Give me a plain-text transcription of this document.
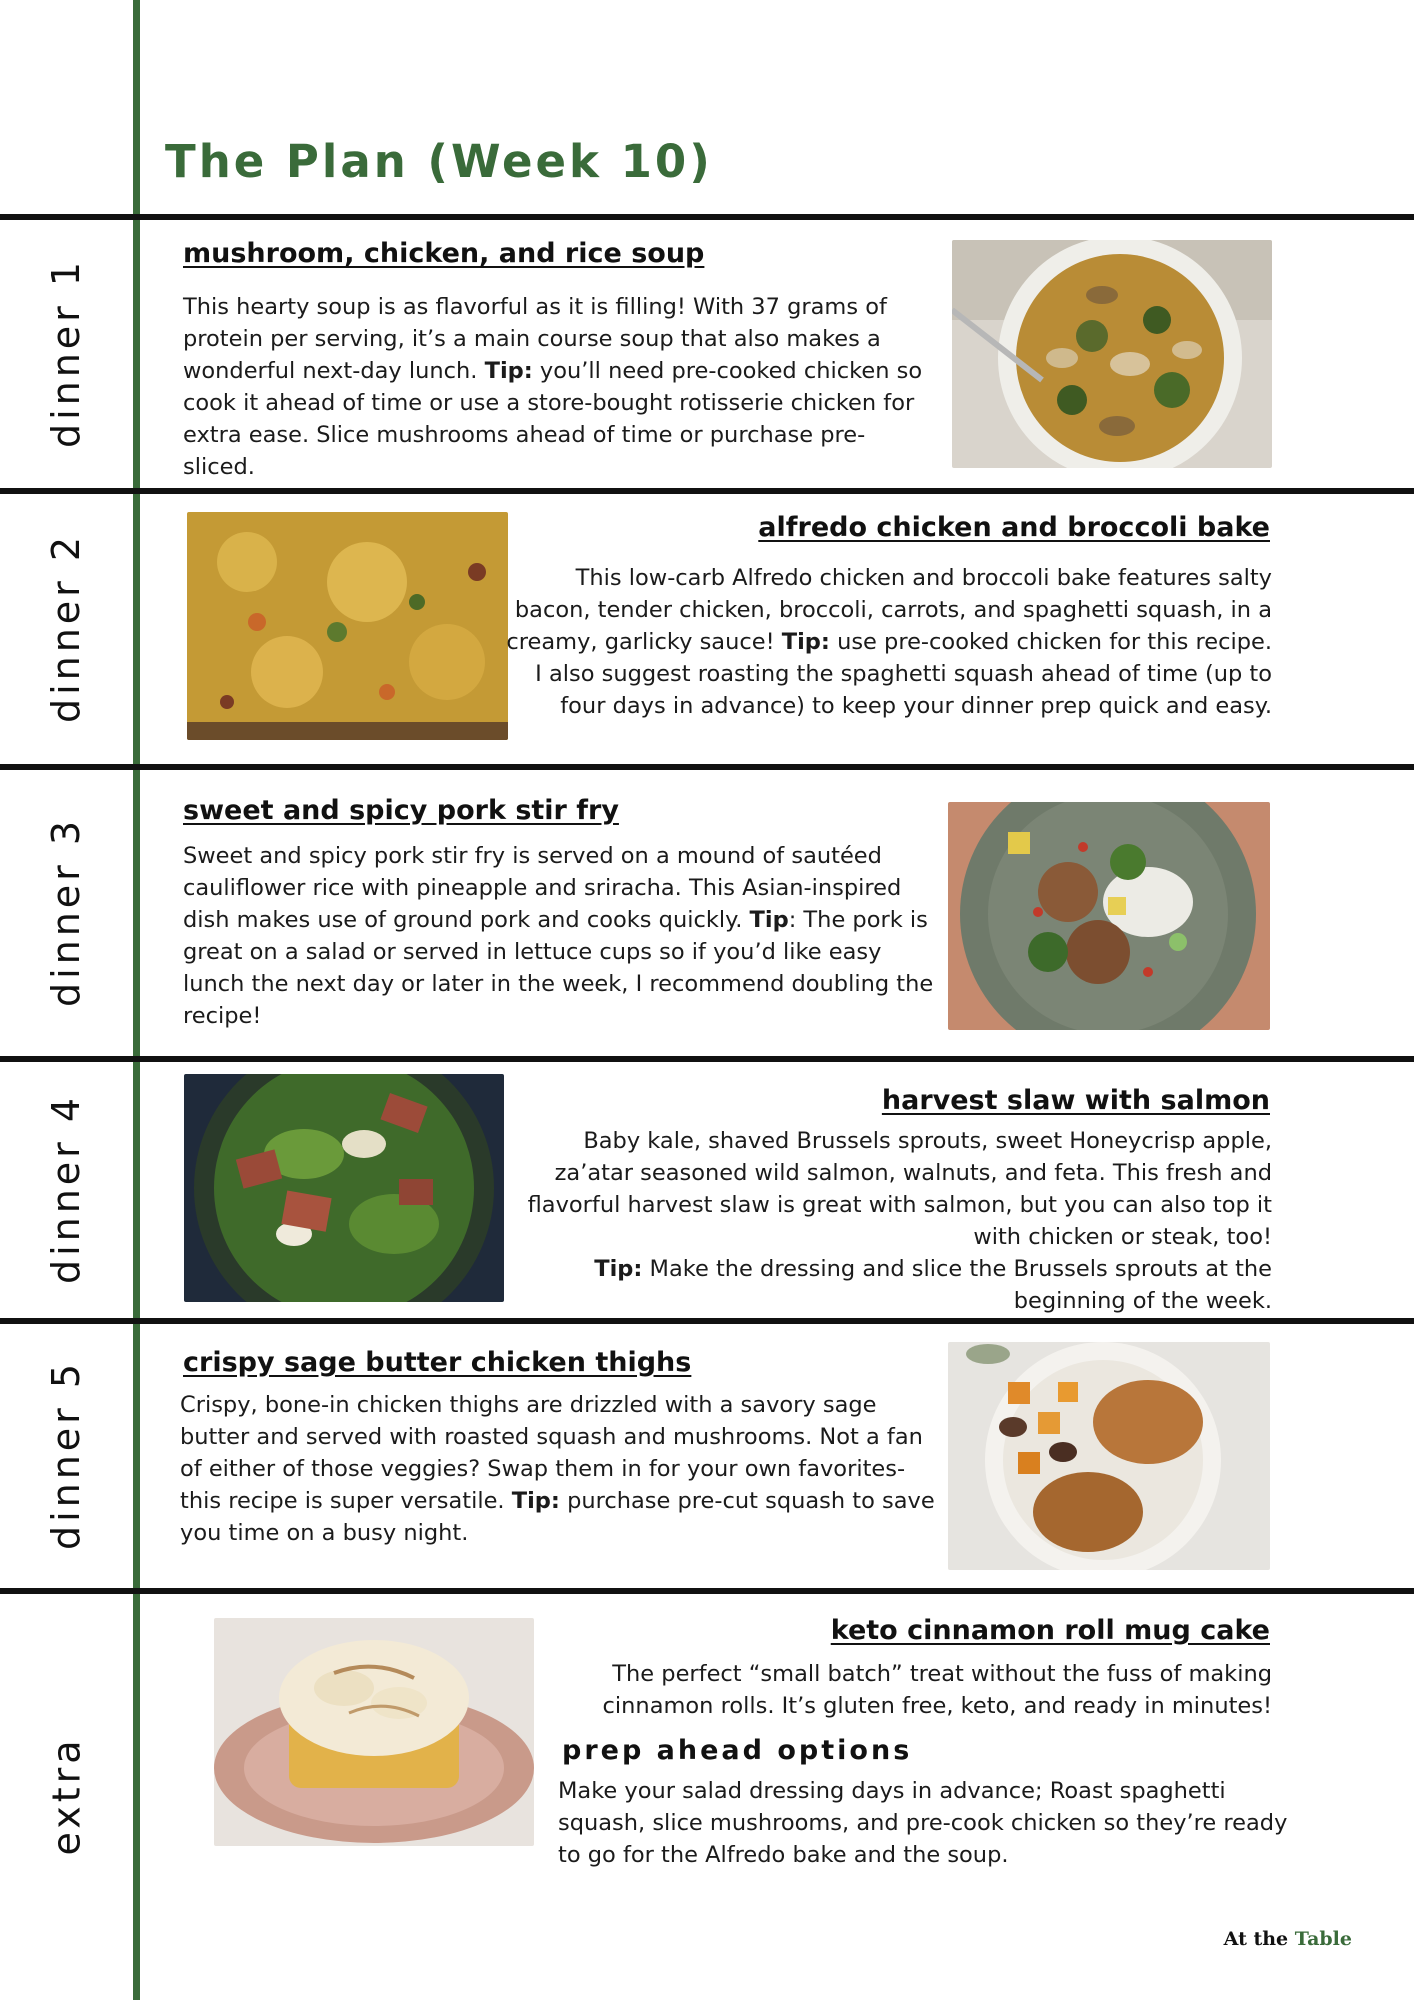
The Plan (Week 10)
dinner 1
dinner 2
dinner 3
dinner 4
dinner 5
extra
mushroom, chicken, and rice soup

This hearty soup is as flavorful as it is filling! With 37 grams of protein per serving, it’s a main course soup that also makes a wonderful next-day lunch. Tip: you’ll need pre-cooked chicken so cook it ahead of time or use a store-bought rotisserie chicken for extra ease. Slice mushrooms ahead of time or purchase pre-sliced.

alfredo chicken and broccoli bake

This low-carb Alfredo chicken and broccoli bake features salty bacon, tender chicken, broccoli, carrots, and spaghetti squash, in a creamy, garlicky sauce! Tip: use pre-cooked chicken for this recipe. I also suggest roasting the spaghetti squash ahead of time (up to four days in advance) to keep your dinner prep quick and easy.

sweet and spicy pork stir fry

Sweet and spicy pork stir fry is served on a mound of sautéed cauliflower rice with pineapple and sriracha. This Asian-inspired dish makes use of ground pork and cooks quickly. Tip: The pork is great on a salad or served in lettuce cups so if you’d like easy lunch the next day or later in the week, I recommend doubling the recipe!

harvest slaw with salmon

Baby kale, shaved Brussels sprouts, sweet Honeycrisp apple, za’atar seasoned wild salmon, walnuts, and feta. This fresh and flavorful harvest slaw is great with salmon, but you can also top it with chicken or steak, too!
Tip: Make the dressing and slice the Brussels sprouts at the beginning of the week.

crispy sage butter chicken thighs

Crispy, bone-in chicken thighs are drizzled with a savory sage butter and served with roasted squash and mushrooms. Not a fan of either of those veggies? Swap them in for your own favorites- this recipe is super versatile. Tip: purchase pre-cut squash to save you time on a busy night.

keto cinnamon roll mug cake

The perfect “small batch” treat without the fuss of making cinnamon rolls. It’s gluten free, keto, and ready in minutes!

prep ahead options

Make your salad dressing days in advance; Roast spaghetti squash, slice mushrooms, and pre-cook chicken so they’re ready to go for the Alfredo bake and the soup.

At the Table
